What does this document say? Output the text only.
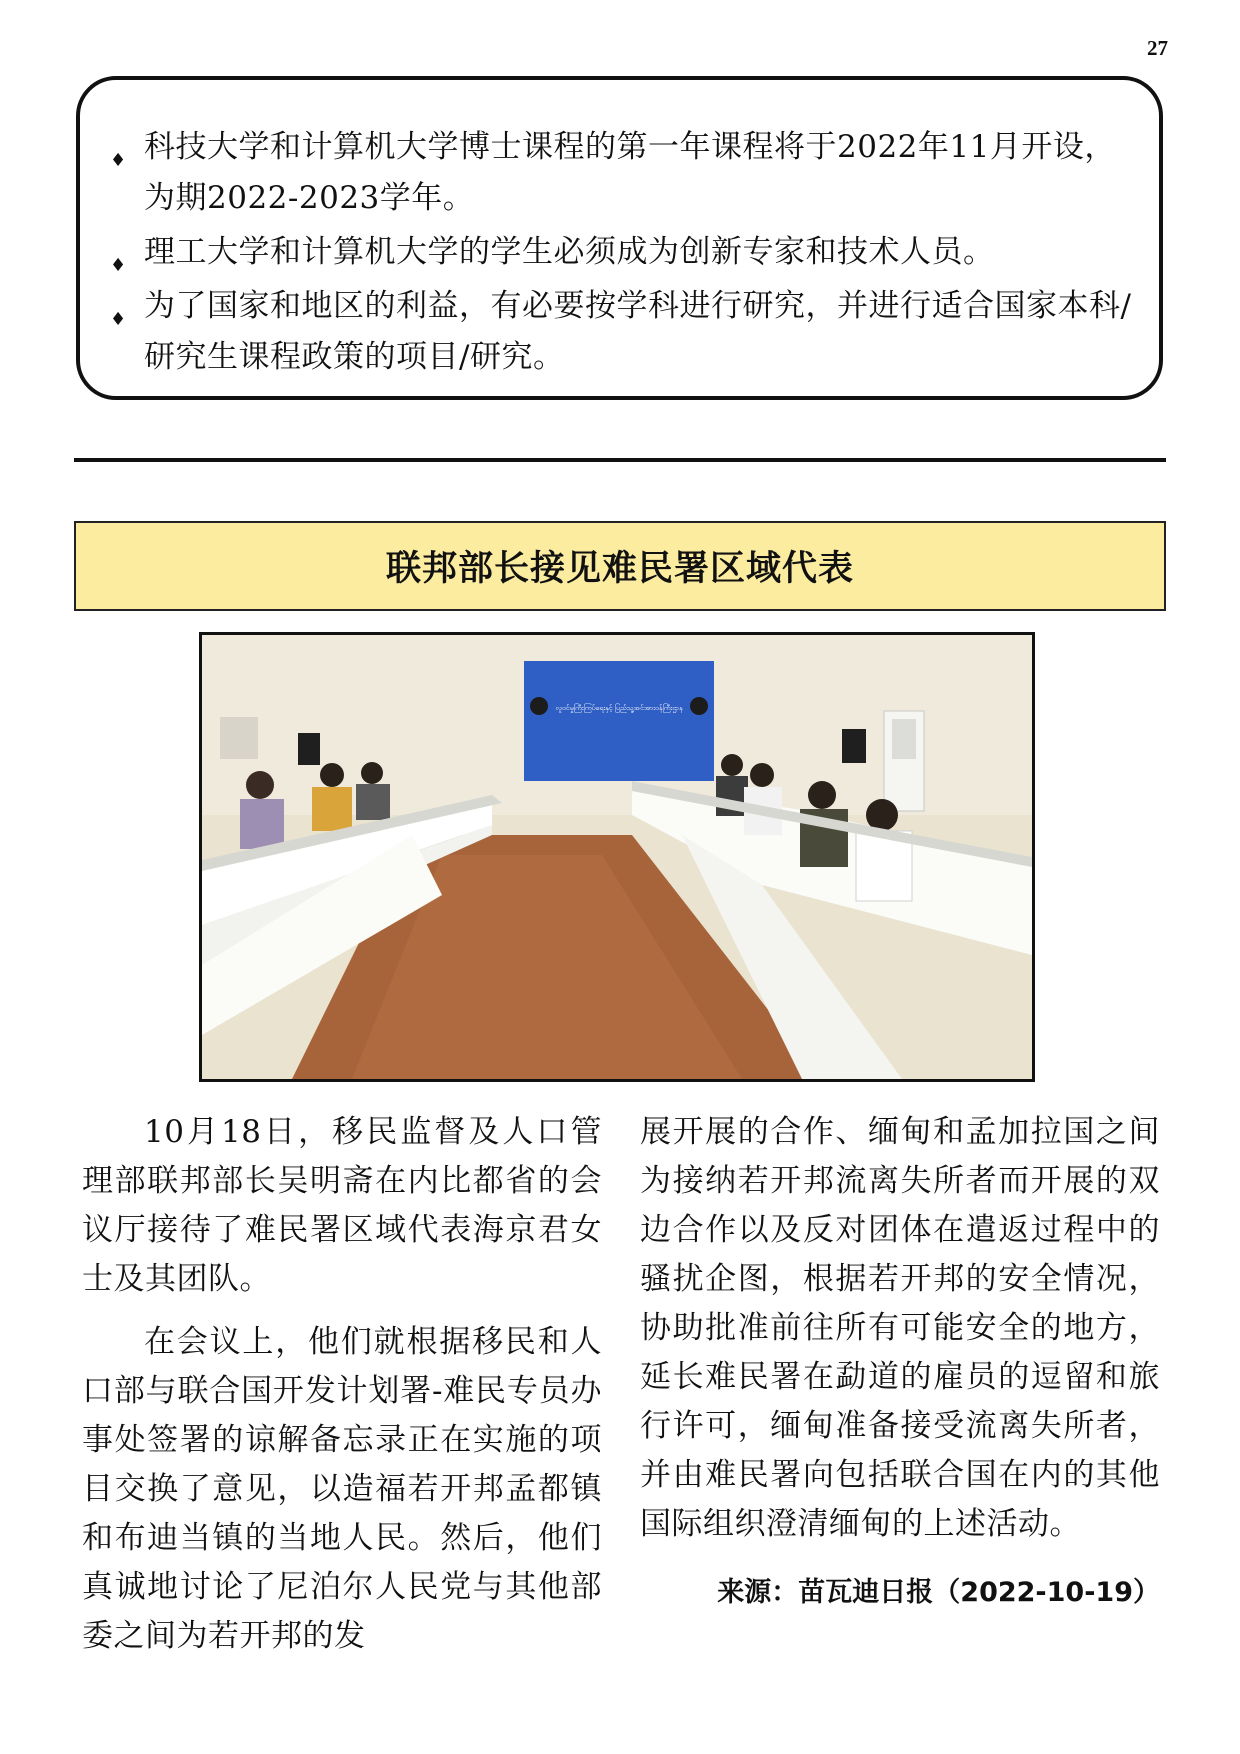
27
♦ 科技大学和计算机大学博士课程的第一年课程将于2022年11月开设，为期2022-2023学年。
♦ 理工大学和计算机大学的学生必须成为创新专家和技术人员。
♦ 为了国家和地区的利益，有必要按学科进行研究，并进行适合国家本科/研究生课程政策的项目/研究。
联邦部长接见难民署区域代表
လူဝင်မှုကြီးကြပ်ရေးနှင့် ပြည်သူ့အင်အားဝန်ကြီးဌာန

10月18日，移民监督及人口管理部联邦部长吴明斋在内比都省的会议厅接待了难民署区域代表海京君女士及其团队。

在会议上，他们就根据移民和人口部与联合国开发计划署-难民专员办事处签署的谅解备忘录正在实施的项目交换了意见，以造福若开邦孟都镇和布迪当镇的当地人民。然后，他们真诚地讨论了尼泊尔人民党与其他部委之间为若开邦的发

展开展的合作、缅甸和孟加拉国之间为接纳若开邦流离失所者而开展的双边合作以及反对团体在遣返过程中的骚扰企图，根据若开邦的安全情况，协助批准前往所有可能安全的地方，延长难民署在勐道的雇员的逗留和旅行许可，缅甸准备接受流离失所者，并由难民署向包括联合国在内的其他国际组织澄清缅甸的上述活动。

来源：苗瓦迪日报（2022-10-19）
